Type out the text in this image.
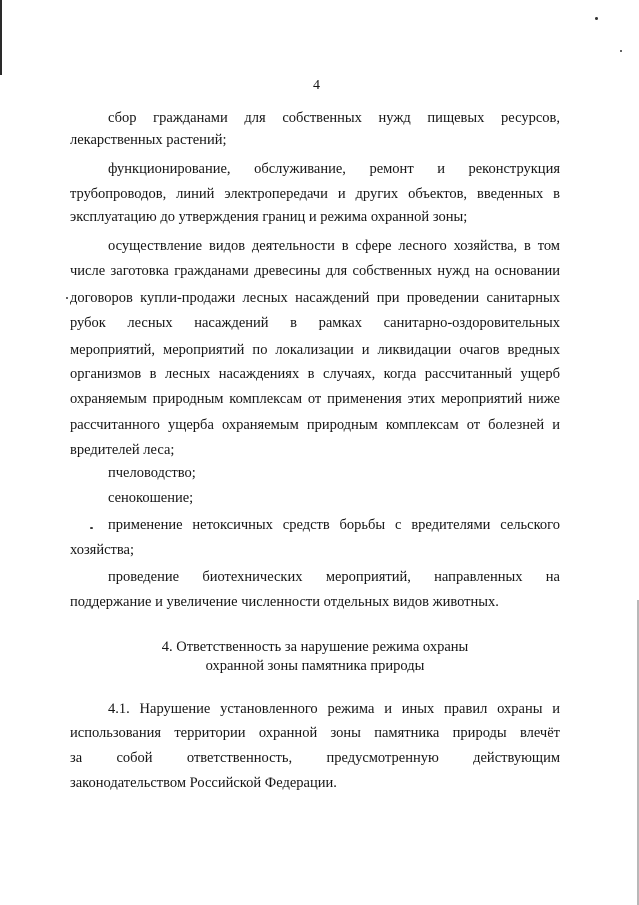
4
сбор гражданами для собственных нужд пищевых ресурсов,
лекарственных растений;
функционирование, обслуживание, ремонт и реконструкция
трубопроводов, линий электропередачи и других объектов, введенных в
эксплуатацию до утверждения границ и режима охранной зоны;
осуществление видов деятельности в сфере лесного хозяйства, в том
числе заготовка гражданами древесины для собственных нужд на основании
договоров купли-продажи лесных насаждений при проведении санитарных
рубок лесных насаждений в рамках санитарно-оздоровительных
мероприятий, мероприятий по локализации и ликвидации очагов вредных
организмов в лесных насаждениях в случаях, когда рассчитанный ущерб
охраняемым природным комплексам от применения этих мероприятий ниже
рассчитанного ущерба охраняемым природным комплексам от болезней и
вредителей леса;
пчеловодство;
сенокошение;
применение нетоксичных средств борьбы с вредителями сельского
хозяйства;
проведение биотехнических мероприятий, направленных на
поддержание и увеличение численности отдельных видов животных.
4. Ответственность за нарушение режима охраны
охранной зоны памятника природы
4.1. Нарушение установленного режима и иных правил охраны и
использования территории охранной зоны памятника природы влечёт
за собой ответственность, предусмотренную действующим
законодательством Российской Федерации.
